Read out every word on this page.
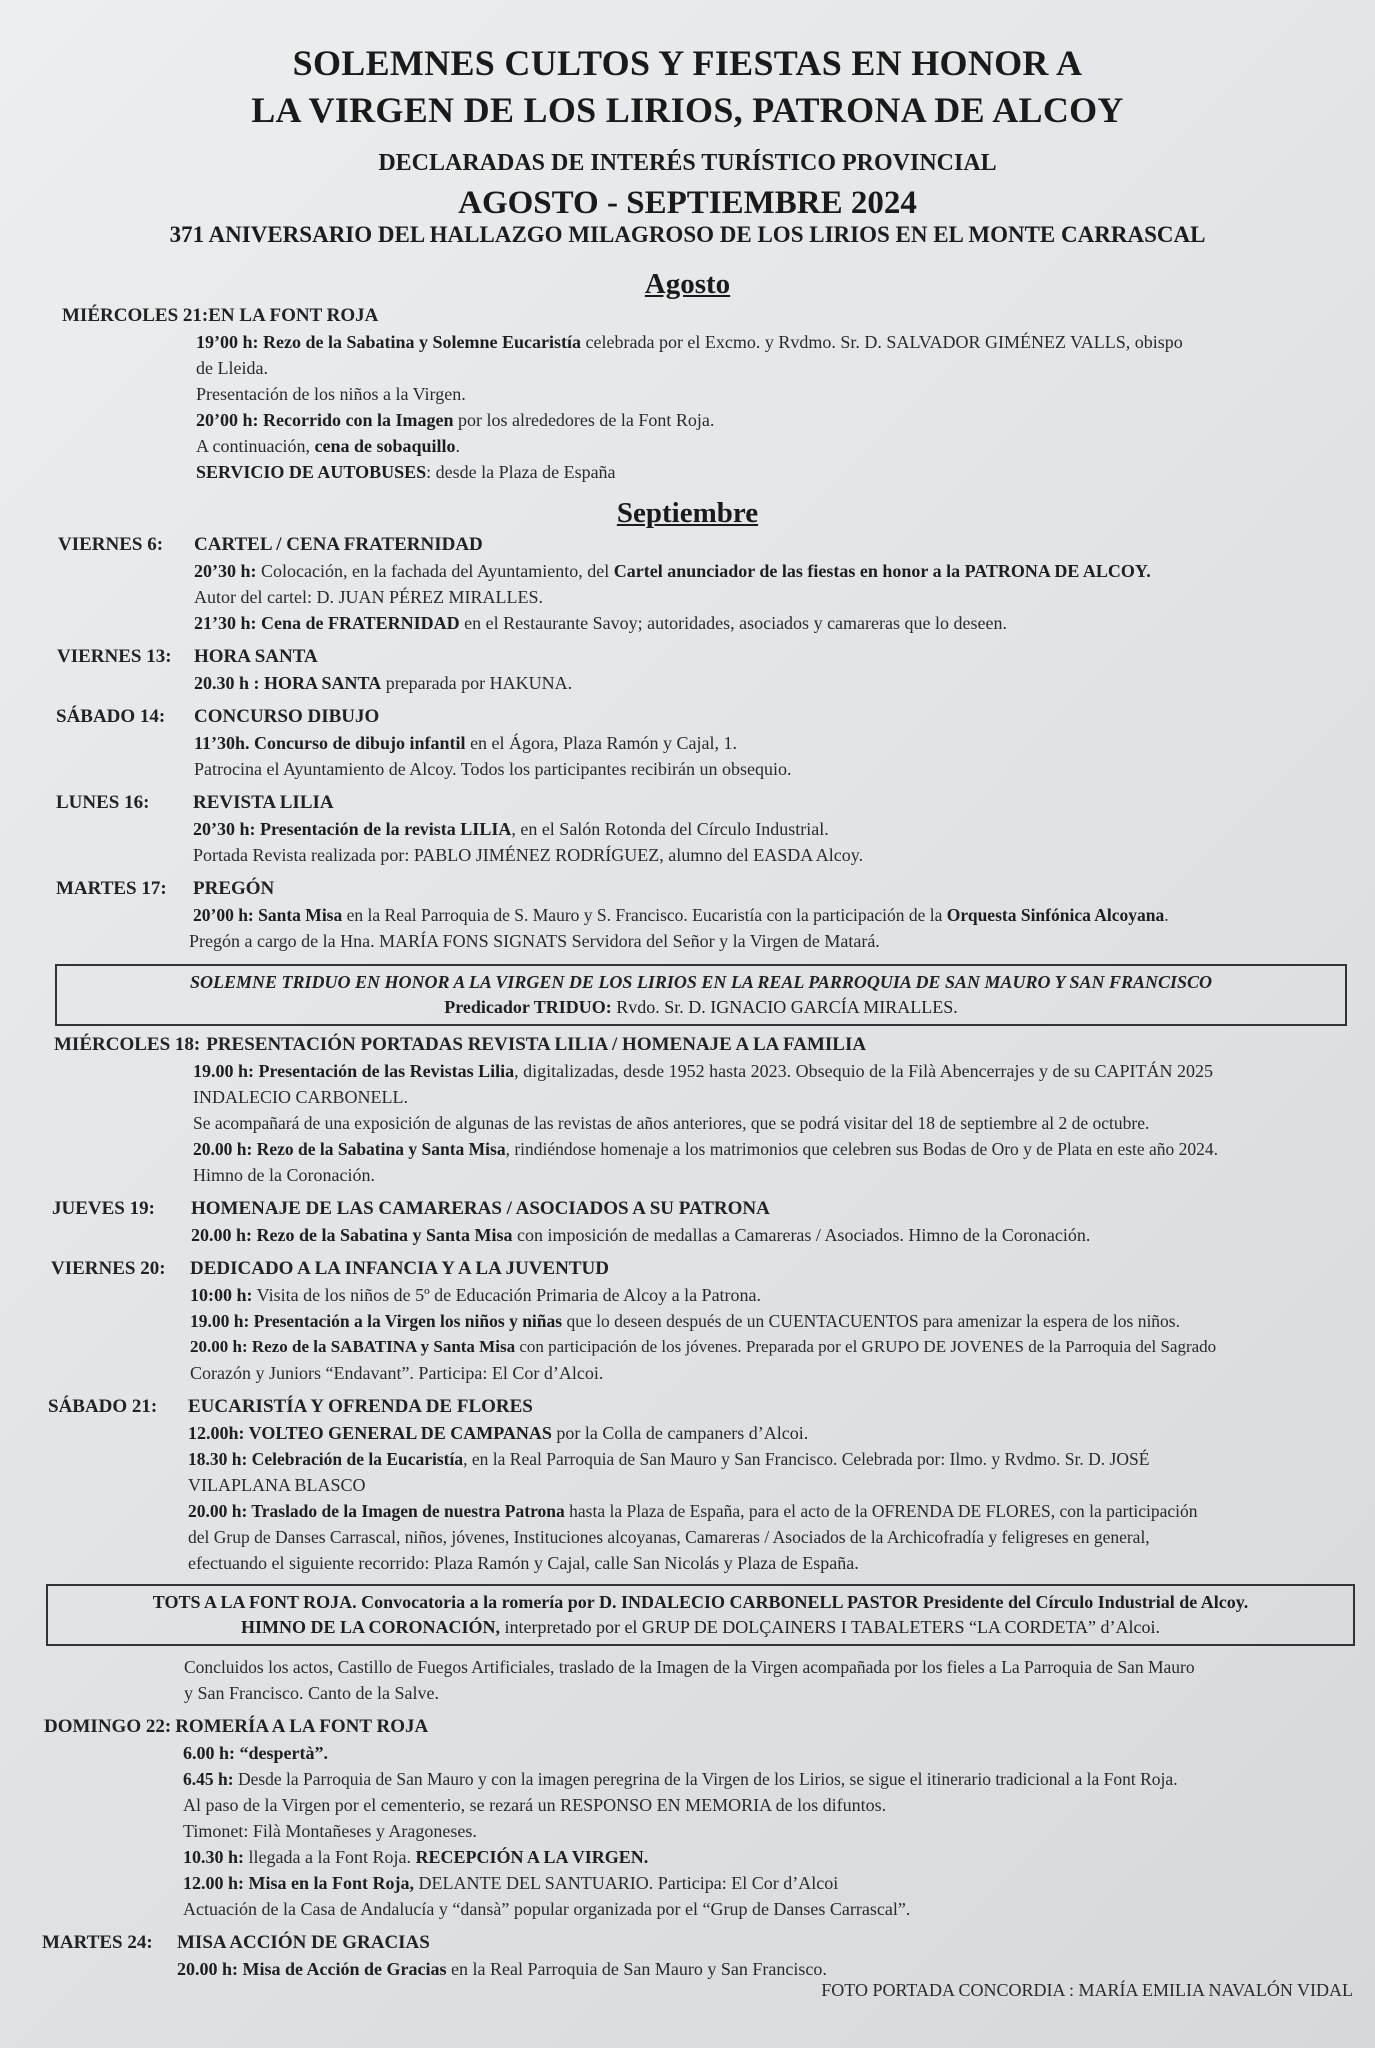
SOLEMNES CULTOS Y FIESTAS EN HONOR A
LA VIRGEN DE LOS LIRIOS, PATRONA DE ALCOY
DECLARADAS DE INTERÉS TURÍSTICO PROVINCIAL
AGOSTO - SEPTIEMBRE 2024
371 ANIVERSARIO DEL HALLAZGO MILAGROSO DE LOS LIRIOS EN EL MONTE CARRASCAL
Agosto
MIÉRCOLES 21: EN LA FONT ROJA
19’00 h: Rezo de la Sabatina y Solemne Eucaristía celebrada por el Excmo. y Rvdmo. Sr. D. SALVADOR GIMÉNEZ VALLS, obispo
de Lleida.
Presentación de los niños a la Virgen.
20’00 h: Recorrido con la Imagen por los alrededores de la Font Roja.
A continuación, cena de sobaquillo.
SERVICIO DE AUTOBUSES: desde la Plaza de España
Septiembre
VIERNES 6:	CARTEL / CENA FRATERNIDAD
20’30 h: Colocación, en la fachada del Ayuntamiento, del Cartel anunciador de las fiestas en honor a la PATRONA DE ALCOY.
Autor del cartel: D. JUAN PÉREZ MIRALLES.
21’30 h: Cena de FRATERNIDAD en el Restaurante Savoy; autoridades, asociados y camareras que lo deseen.
VIERNES 13:	HORA SANTA
20.30 h : HORA SANTA preparada por HAKUNA.
SÁBADO 14:	CONCURSO DIBUJO
11’30h. Concurso de dibujo infantil en el Ágora, Plaza Ramón y Cajal, 1.
Patrocina el Ayuntamiento de Alcoy. Todos los participantes recibirán un obsequio.
LUNES 16:	REVISTA LILIA
20’30 h: Presentación de la revista LILIA, en el Salón Rotonda del Círculo Industrial.
Portada Revista realizada por: PABLO JIMÉNEZ RODRÍGUEZ, alumno del EASDA Alcoy.
MARTES 17:	PREGÓN
20’00 h: Santa Misa en la Real Parroquia de S. Mauro y S. Francisco. Eucaristía con la participación de la Orquesta Sinfónica Alcoyana.
Pregón a cargo de la Hna. MARÍA FONS SIGNATS Servidora del Señor y la Virgen de Matará.
SOLEMNE TRIDUO EN HONOR A LA VIRGEN DE LOS LIRIOS EN LA REAL PARROQUIA DE SAN MAURO Y SAN FRANCISCO
Predicador TRIDUO: Rvdo. Sr. D. IGNACIO GARCÍA MIRALLES.
MIÉRCOLES 18: PRESENTACIÓN PORTADAS REVISTA LILIA / HOMENAJE A LA FAMILIA
19.00 h: Presentación de las Revistas Lilia, digitalizadas, desde 1952 hasta 2023. Obsequio de la Filà Abencerrajes y de su CAPITÁN 2025
INDALECIO CARBONELL.
Se acompañará de una exposición de algunas de las revistas de años anteriores, que se podrá visitar del 18 de septiembre al 2 de octubre.
20.00 h: Rezo de la Sabatina y Santa Misa, rindiéndose homenaje a los matrimonios que celebren sus Bodas de Oro y de Plata en este año 2024.
Himno de la Coronación.
JUEVES 19:	HOMENAJE DE LAS CAMARERAS / ASOCIADOS A SU PATRONA
20.00 h: Rezo de la Sabatina y Santa Misa con imposición de medallas a Camareras / Asociados. Himno de la Coronación.
VIERNES 20:	DEDICADO A LA INFANCIA Y A LA JUVENTUD
10:00 h: Visita de los niños de 5º de Educación Primaria de Alcoy a la Patrona.
19.00 h: Presentación a la Virgen los niños y niñas que lo deseen después de un CUENTACUENTOS para amenizar la espera de los niños.
20.00 h: Rezo de la SABATINA y Santa Misa con participación de los jóvenes. Preparada por el GRUPO DE JOVENES de la Parroquia del Sagrado
Corazón y Juniors “Endavant”. Participa: El Cor d’Alcoi.
SÁBADO 21:	EUCARISTÍA Y OFRENDA DE FLORES
12.00h: VOLTEO GENERAL DE CAMPANAS por la Colla de campaners d’Alcoi.
18.30 h: Celebración de la Eucaristía, en la Real Parroquia de San Mauro y San Francisco. Celebrada por: Ilmo. y Rvdmo. Sr. D. JOSÉ
VILAPLANA BLASCO
20.00 h: Traslado de la Imagen de nuestra Patrona hasta la Plaza de España, para el acto de la OFRENDA DE FLORES, con la participación
del Grup de Danses Carrascal, niños, jóvenes, Instituciones alcoyanas, Camareras / Asociados de la Archicofradía y feligreses en general,
efectuando el siguiente recorrido: Plaza Ramón y Cajal, calle San Nicolás y Plaza de España.
TOTS A LA FONT ROJA. Convocatoria a la romería por D. INDALECIO CARBONELL PASTOR Presidente del Círculo Industrial de Alcoy.
HIMNO DE LA CORONACIÓN, interpretado por el GRUP DE DOLÇAINERS I TABALETERS “LA CORDETA” d’Alcoi.
Concluidos los actos, Castillo de Fuegos Artificiales, traslado de la Imagen de la Virgen acompañada por los fieles a La Parroquia de San Mauro
y San Francisco. Canto de la Salve.
DOMINGO 22: ROMERÍA A LA FONT ROJA
6.00 h: “despertà”.
6.45 h: Desde la Parroquia de San Mauro y con la imagen peregrina de la Virgen de los Lirios, se sigue el itinerario tradicional a la Font Roja.
Al paso de la Virgen por el cementerio, se rezará un RESPONSO EN MEMORIA de los difuntos.
Timonet: Filà Montañeses y Aragoneses.
10.30 h: llegada a la Font Roja. RECEPCIÓN A LA VIRGEN.
12.00 h: Misa en la Font Roja, DELANTE DEL SANTUARIO. Participa: El Cor d’Alcoi
Actuación de la Casa de Andalucía y “dansà” popular organizada por el “Grup de Danses Carrascal”.
MARTES 24:	MISA ACCIÓN DE GRACIAS
20.00 h: Misa de Acción de Gracias en la Real Parroquia de San Mauro y San Francisco.
FOTO PORTADA CONCORDIA : MARÍA EMILIA NAVALÓN VIDAL
